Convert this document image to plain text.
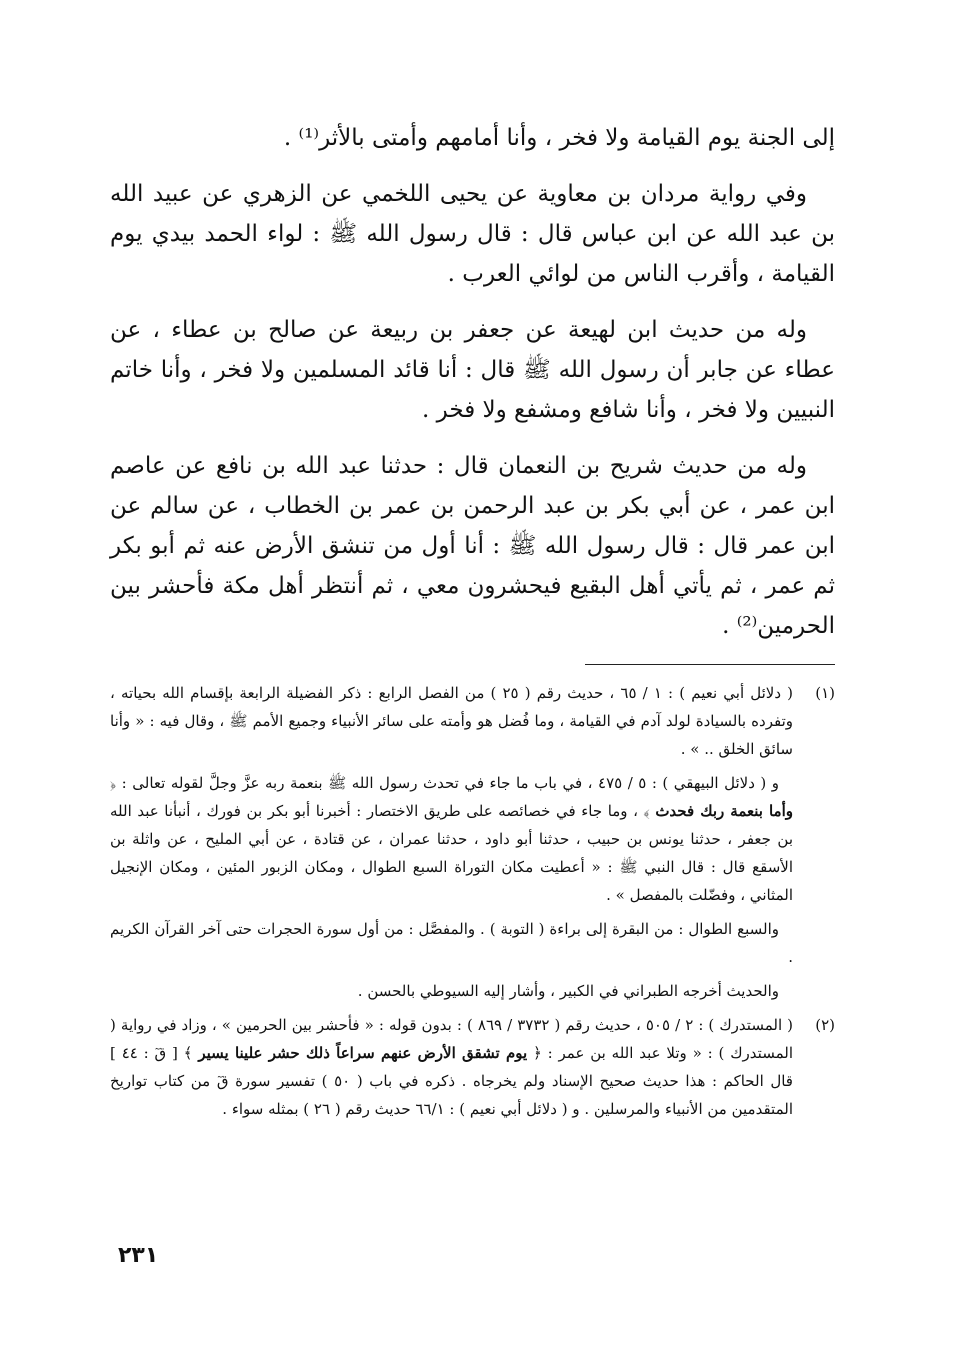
إلى الجنة يوم القيامة ولا فخر ، وأنا أمامهم وأمتى بالأثر⁽¹⁾ .

وفي رواية مردان بن معاوية عن يحيى اللخمي عن الزهري عن عبيد الله بن عبد الله عن ابن عباس قال : قال رسول الله ﷺ : لواء الحمد بيدي يوم القيامة ، وأقرب الناس من لوائي العرب .

وله من حديث ابن لهيعة عن جعفر بن ربيعة عن صالح بن عطاء ، عن عطاء عن جابر أن رسول الله ﷺ قال : أنا قائد المسلمين ولا فخر ، وأنا خاتم النبيين ولا فخر ، وأنا شافع ومشفع ولا فخر .

وله من حديث شريح بن النعمان قال : حدثنا عبد الله بن نافع عن عاصم ابن عمر ، عن أبي بكر بن عبد الرحمن بن عمر بن الخطاب ، عن سالم عن ابن عمر قال : قال رسول الله ﷺ : أنا أول من تنشق الأرض عنه ثم أبو بكر ثم عمر ، ثم يأتي أهل البقيع فيحشرون معي ، ثم أنتظر أهل مكة فأحشر بين الحرمين⁽²⁾ .

(١)

( دلائل أبي نعيم ) : ١ / ٦٥ ، حديث رقم ( ٢٥ ) من الفصل الرابع : ذكر الفضيلة الرابعة بإقسام الله بحياته ، وتفرده بالسيادة لولد آدم في القيامة ، وما فُضل هو وأمته على سائر الأنبياء وجميع الأمم ﷺ ، وقال فيه : « وأنا سائق الخلق .. » .

و ( دلائل البيهقي ) : ٥ / ٤٧٥ ، في باب ما جاء في تحدث رسول الله ﷺ بنعمة ربه عزَّ وجلَّ لقوله تعالى : ﴿ وأما بنعمة ربك فحدث ﴾ ، وما جاء في خصائصه على طريق الاختصار : أخبرنا أبو بكر بن فورك ، أنبأنا عبد الله بن جعفر ، حدثنا يونس بن حبيب ، حدثنا أبو داود ، حدثنا عمران ، عن قتادة ، عن أبي المليح ، عن واثلة بن الأسقع قال : قال النبي ﷺ : « أعطيت مكان التوراة السبع الطوال ، ومكان الزبور المئين ، ومكان الإنجيل المثاني ، وفضّلت بالمفصل » .

والسبع الطوال : من البقرة إلى براءة ( التوبة ) . والمفصَّل : من أول سورة الحجرات حتى آخر القرآن الكريم .

والحديث أخرجه الطبراني في الكبير ، وأشار إليه السيوطي بالحسن .

(٢)

( المستدرك ) : ٢ / ٥٠٥ ، حديث رقم ( ٣٧٣٢ / ٨٦٩ ) : بدون قوله : « فأحشر بين الحرمين » ، وزاد في رواية ( المستدرك ) : « وتلا عبد الله بن عمر : ﴿ يوم تشقق الأرض عنهم سراعاً ذلك حشر علينا يسير ﴾ [ قٓ : ٤٤ ] قال الحاكم : هذا حديث صحيح الإسناد ولم يخرجاه . ذكره في باب ( ٥٠ ) تفسير سورة قٓ من كتاب تواريخ المتقدمين من الأنبياء والمرسلين . و ( دلائل أبي نعيم ) : ٦٦/١ حديث رقم ( ٢٦ ) بمثله سواء .

٢٣١
